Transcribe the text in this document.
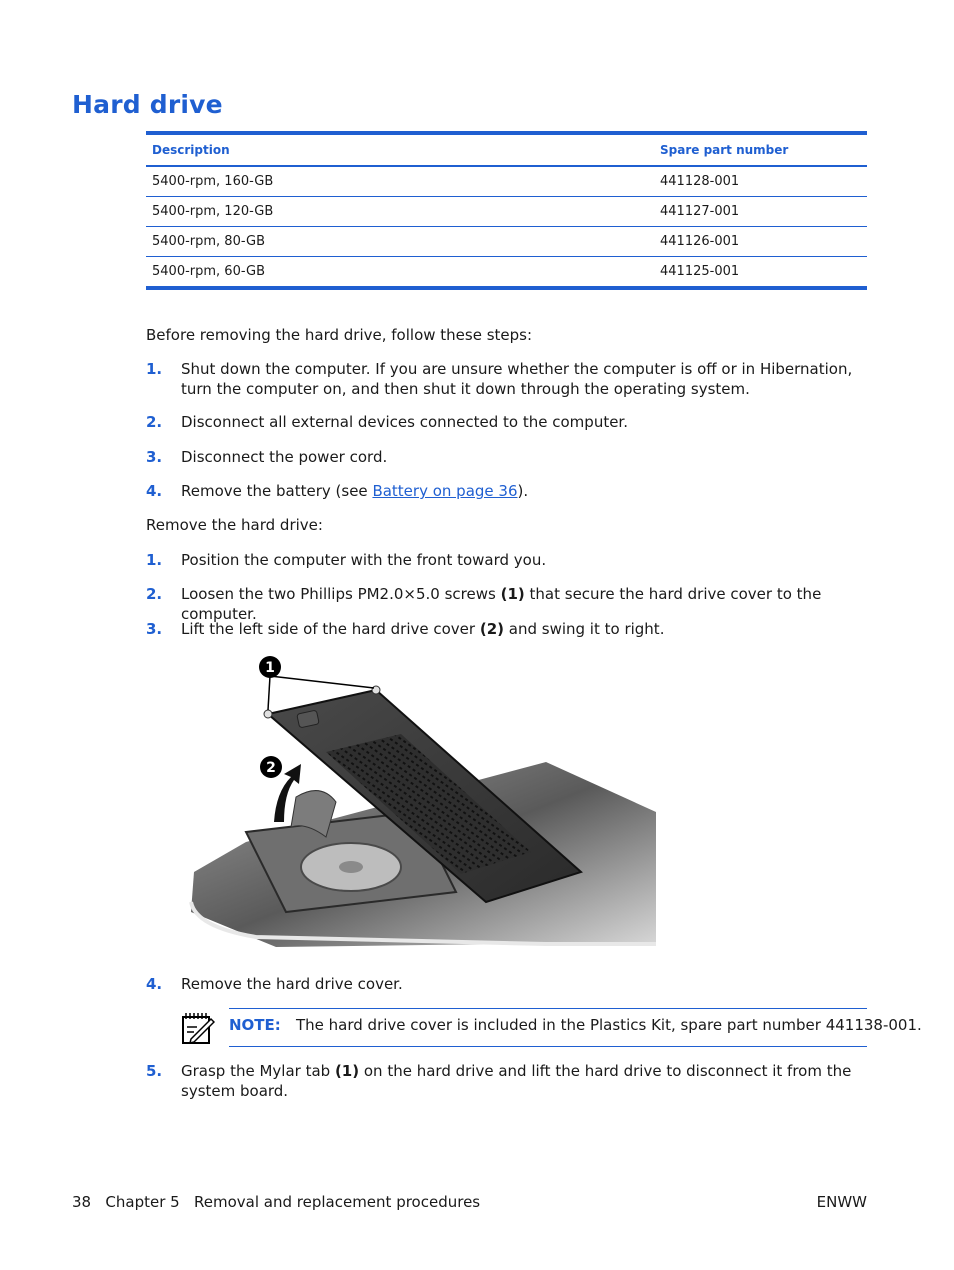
Hard drive
Description	Spare part number
5400-rpm, 160-GB	441128-001
5400-rpm, 120-GB	441127-001
5400-rpm, 80-GB	441126-001
5400-rpm, 60-GB	441125-001

Before removing the hard drive, follow these steps:

1. Shut down the computer. If you are unsure whether the computer is off or in Hibernation, turn the computer on, and then shut it down through the operating system.
2. Disconnect all external devices connected to the computer.
3. Disconnect the power cord.
4. Remove the battery (see Battery on page 36).

Remove the hard drive:

1. Position the computer with the front toward you.
2. Loosen the two Phillips PM2.0×5.0 screws (1) that secure the hard drive cover to the computer.
3. Lift the left side of the hard drive cover (2) and swing it to right.
1
2
4. Remove the hard drive cover.
NOTE: The hard drive cover is included in the Plastics Kit, spare part number 441138-001.
5. Grasp the Mylar tab (1) on the hard drive and lift the hard drive to disconnect it from the system board.
38 Chapter 5 Removal and replacement procedures	ENWW
